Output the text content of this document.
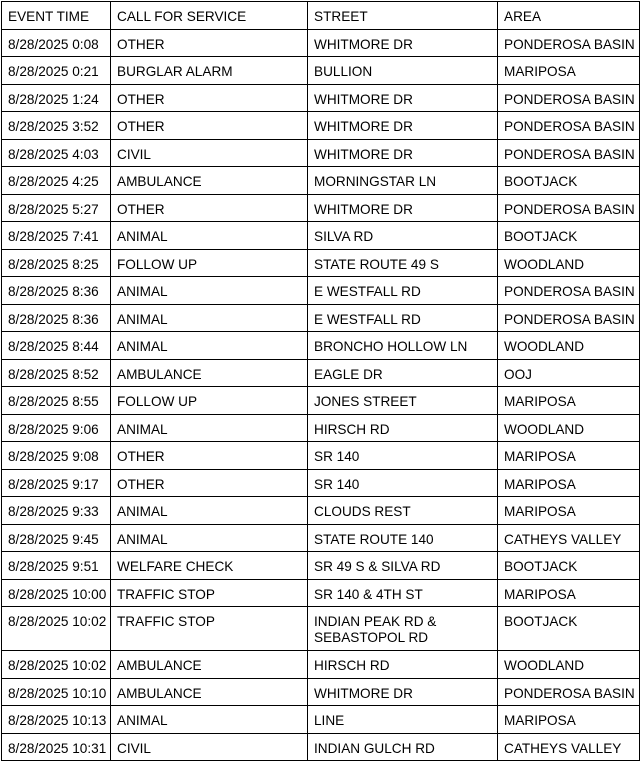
EVENT TIME	CALL FOR SERVICE	STREET	AREA
8/28/2025 0:08	OTHER	WHITMORE DR	PONDEROSA BASIN
8/28/2025 0:21	BURGLAR ALARM	BULLION	MARIPOSA
8/28/2025 1:24	OTHER	WHITMORE DR	PONDEROSA BASIN
8/28/2025 3:52	OTHER	WHITMORE DR	PONDEROSA BASIN
8/28/2025 4:03	CIVIL	WHITMORE DR	PONDEROSA BASIN
8/28/2025 4:25	AMBULANCE	MORNINGSTAR LN	BOOTJACK
8/28/2025 5:27	OTHER	WHITMORE DR	PONDEROSA BASIN
8/28/2025 7:41	ANIMAL	SILVA RD	BOOTJACK
8/28/2025 8:25	FOLLOW UP	STATE ROUTE 49 S	WOODLAND
8/28/2025 8:36	ANIMAL	E WESTFALL RD	PONDEROSA BASIN
8/28/2025 8:36	ANIMAL	E WESTFALL RD	PONDEROSA BASIN
8/28/2025 8:44	ANIMAL	BRONCHO HOLLOW LN	WOODLAND
8/28/2025 8:52	AMBULANCE	EAGLE DR	OOJ
8/28/2025 8:55	FOLLOW UP	JONES STREET	MARIPOSA
8/28/2025 9:06	ANIMAL	HIRSCH RD	WOODLAND
8/28/2025 9:08	OTHER	SR 140	MARIPOSA
8/28/2025 9:17	OTHER	SR 140	MARIPOSA
8/28/2025 9:33	ANIMAL	CLOUDS REST	MARIPOSA
8/28/2025 9:45	ANIMAL	STATE ROUTE 140	CATHEYS VALLEY
8/28/2025 9:51	WELFARE CHECK	SR 49 S & SILVA RD	BOOTJACK
8/28/2025 10:00	TRAFFIC STOP	SR 140 & 4TH ST	MARIPOSA
8/28/2025 10:02	TRAFFIC STOP	INDIAN PEAK RD & SEBASTOPOL RD	BOOTJACK
8/28/2025 10:02	AMBULANCE	HIRSCH RD	WOODLAND
8/28/2025 10:10	AMBULANCE	WHITMORE DR	PONDEROSA BASIN
8/28/2025 10:13	ANIMAL	LINE	MARIPOSA
8/28/2025 10:31	CIVIL	INDIAN GULCH RD	CATHEYS VALLEY
